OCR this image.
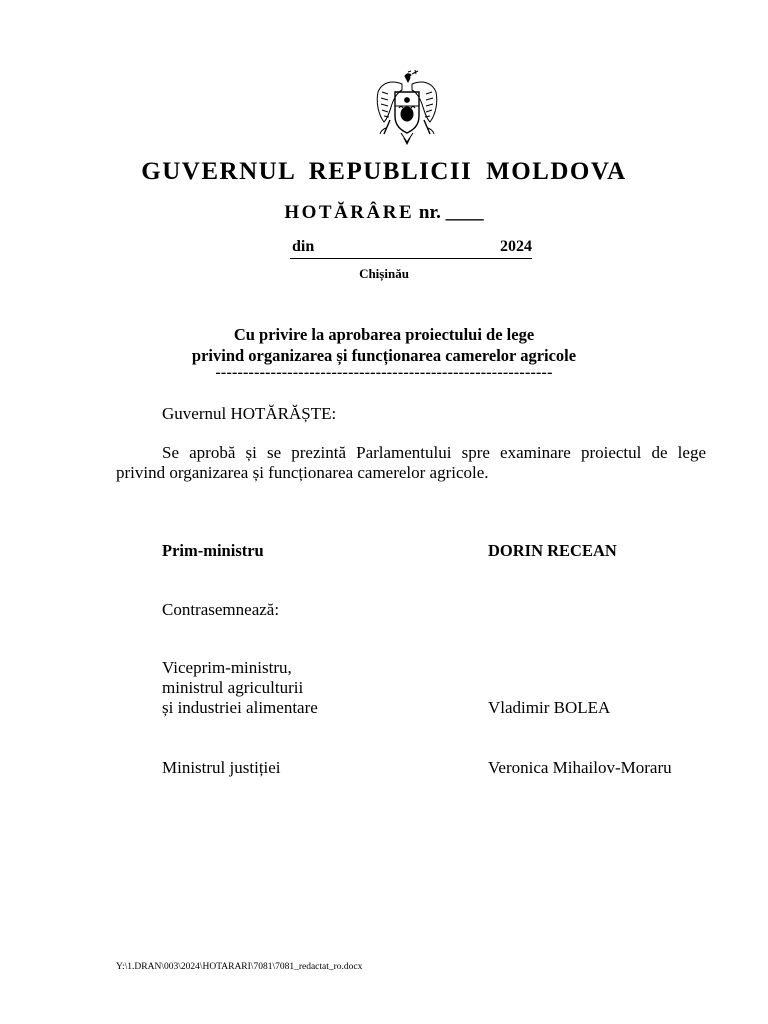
GUVERNUL REPUBLICII MOLDOVA
HOTĂRÂRE nr. ____
din	2024
Chișinău
Cu privire la aprobarea proiectului de lege
privind organizarea și funcționarea camerelor agricole
-------------------------------------------------------------
Guvernul HOTĂRĂȘTE:
Se aprobă și se prezintă Parlamentului spre examinare proiectul de lege
privind organizarea și funcționarea camerelor agricole.
Prim-ministru	DORIN RECEAN
Contrasemnează:
Viceprim-ministru,
ministrul agriculturii
și industriei alimentare	Vladimir BOLEA
Ministrul justiției	Veronica Mihailov-Moraru
Y:\1.DRAN\003\2024\HOTARARI\7081\7081_redactat_ro.docx
